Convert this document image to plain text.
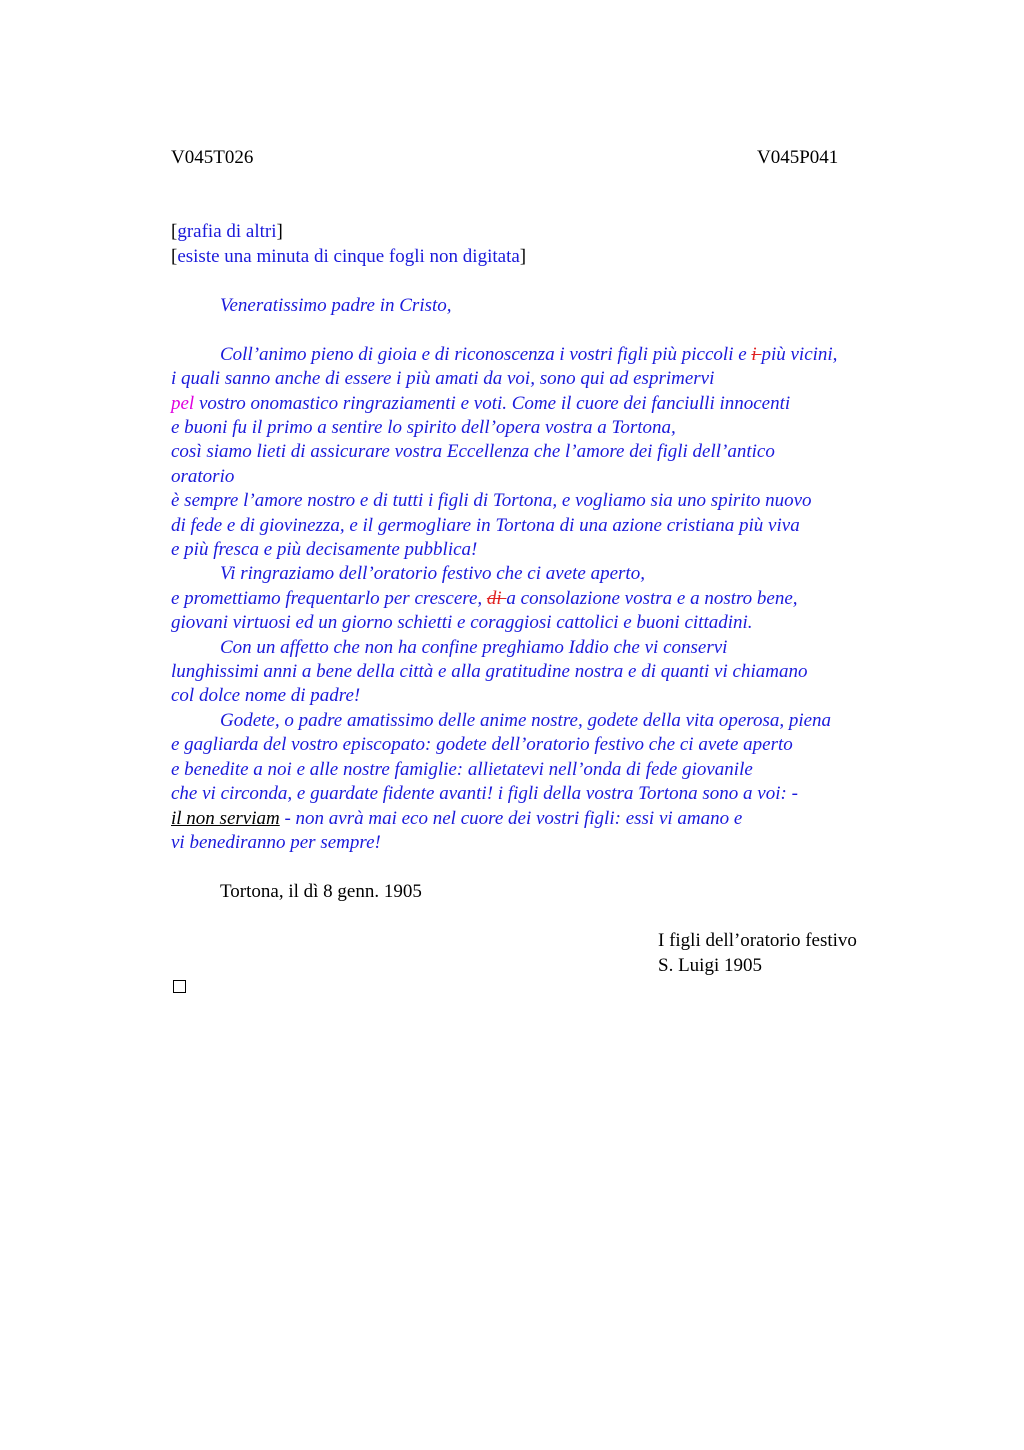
V045T026	V045P041
[grafia di altri]
[esiste una minuta di cinque fogli non digitata]
Veneratissimo padre in Cristo,
Coll’animo pieno di gioia e di riconoscenza i vostri figli più piccoli e i più vicini,
i quali sanno anche di essere i più amati da voi, sono qui ad esprimervi
pel vostro onomastico ringraziamenti e voti. Come il cuore dei fanciulli innocenti
e buoni fu il primo a sentire lo spirito dell’opera vostra a Tortona,
così siamo lieti di assicurare vostra Eccellenza che l’amore dei figli dell’antico
oratorio
è sempre l’amore nostro e di tutti i figli di Tortona, e vogliamo sia uno spirito nuovo
di fede e di giovinezza, e il germogliare in Tortona di una azione cristiana più viva
e più fresca e più decisamente pubblica!
Vi ringraziamo dell’oratorio festivo che ci avete aperto,
e promettiamo frequentarlo per crescere, di a consolazione vostra e a nostro bene,
giovani virtuosi ed un giorno schietti e coraggiosi cattolici e buoni cittadini.
Con un affetto che non ha confine preghiamo Iddio che vi conservi
lunghissimi anni a bene della città e alla gratitudine nostra e di quanti vi chiamano
col dolce nome di padre!
Godete, o padre amatissimo delle anime nostre, godete della vita operosa, piena
e gagliarda del vostro episcopato: godete dell’oratorio festivo che ci avete aperto
e benedite a noi e alle nostre famiglie: allietatevi nell’onda di fede giovanile
che vi circonda, e guardate fidente avanti! i figli della vostra Tortona sono a voi: -
il non serviam - non avrà mai eco nel cuore dei vostri figli: essi vi amano e
vi benediranno per sempre!
Tortona, il dì 8 genn. 1905
I figli dell’oratorio festivo
S. Luigi 1905
